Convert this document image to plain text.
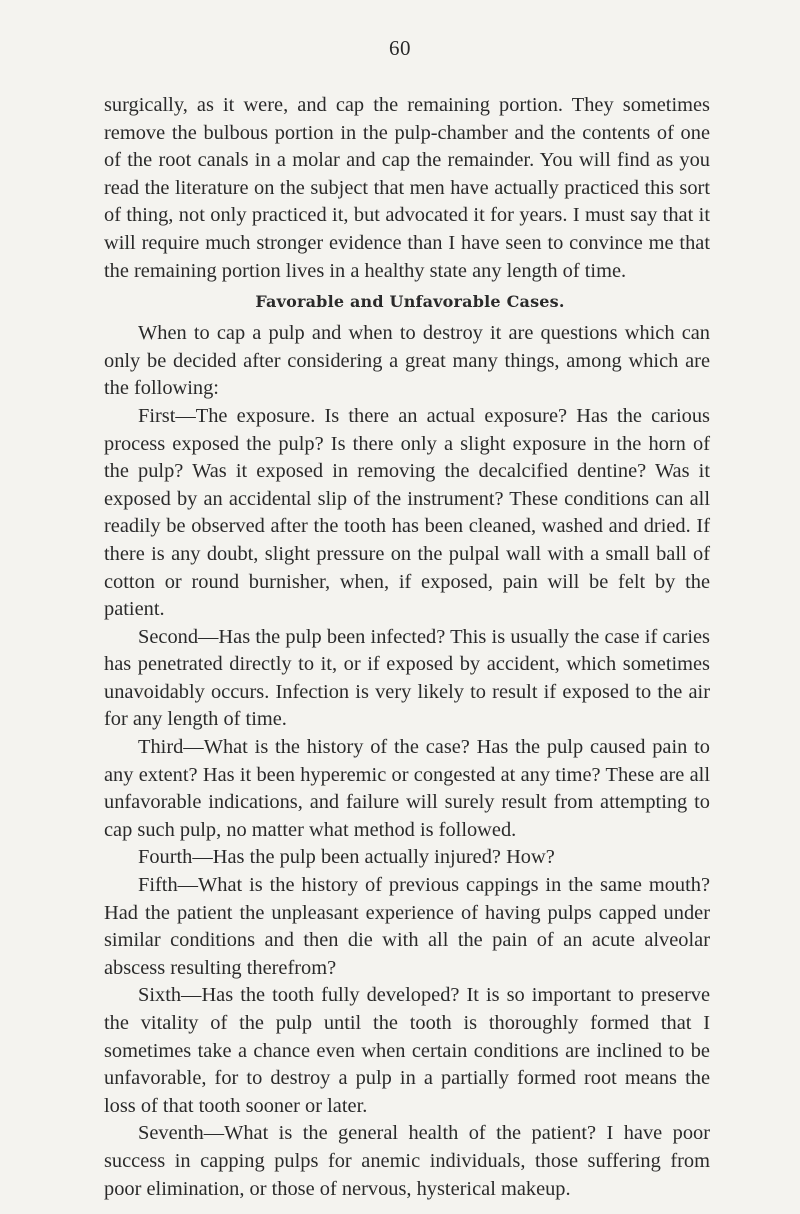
60

surgically, as it were, and cap the remaining portion. They sometimes remove the bulbous portion in the pulp-chamber and the contents of one of the root canals in a molar and cap the remainder. You will find as you read the literature on the subject that men have actually practiced this sort of thing, not only practiced it, but advocated it for years. I must say that it will require much stronger evidence than I have seen to convince me that the remaining portion lives in a healthy state any length of time.

Favorable and Unfavorable Cases.

When to cap a pulp and when to destroy it are questions which can only be decided after considering a great many things, among which are the following:

First—The exposure. Is there an actual exposure? Has the carious process exposed the pulp? Is there only a slight exposure in the horn of the pulp? Was it exposed in removing the decalcified dentine? Was it exposed by an accidental slip of the instrument? These conditions can all readily be observed after the tooth has been cleaned, washed and dried. If there is any doubt, slight pressure on the pulpal wall with a small ball of cotton or round burnisher, when, if exposed, pain will be felt by the patient.

Second—Has the pulp been infected? This is usually the case if caries has penetrated directly to it, or if exposed by accident, which sometimes unavoidably occurs. Infection is very likely to result if exposed to the air for any length of time.

Third—What is the history of the case? Has the pulp caused pain to any extent? Has it been hyperemic or congested at any time? These are all unfavorable indications, and failure will surely result from attempting to cap such pulp, no matter what method is followed.

Fourth—Has the pulp been actually injured? How?

Fifth—What is the history of previous cappings in the same mouth? Had the patient the unpleasant experience of having pulps capped under similar conditions and then die with all the pain of an acute alveolar abscess resulting therefrom?

Sixth—Has the tooth fully developed? It is so important to preserve the vitality of the pulp until the tooth is thoroughly formed that I sometimes take a chance even when certain conditions are inclined to be unfavorable, for to destroy a pulp in a partially formed root means the loss of that tooth sooner or later.

Seventh—What is the general health of the patient? I have poor success in capping pulps for anemic individuals, those suffering from poor elimination, or those of nervous, hysterical makeup.
